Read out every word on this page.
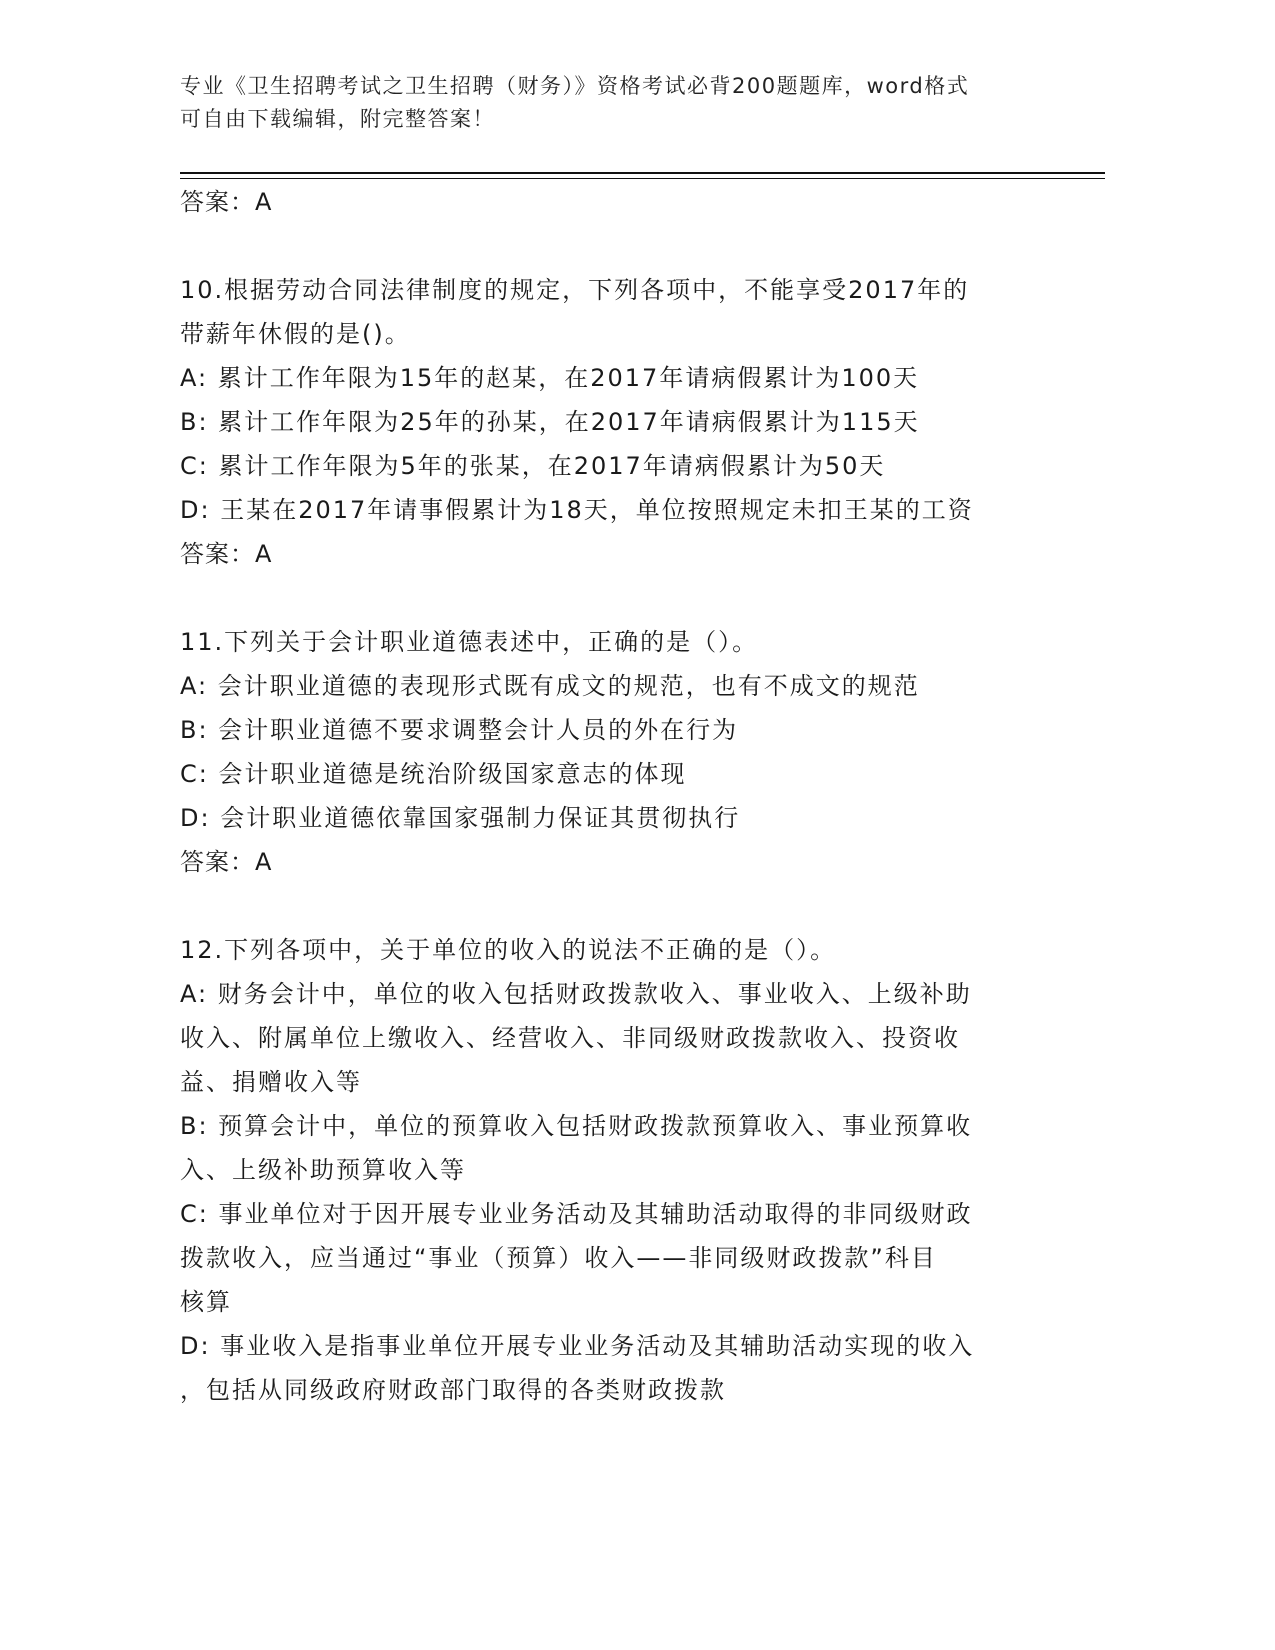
专业《卫生招聘考试之卫生招聘（财务）》资格考试必背200题题库，word格式
可自由下载编辑，附完整答案！
答案：A
10.根据劳动合同法律制度的规定，下列各项中，不能享受2017年的
带薪年休假的是()。
A: 累计工作年限为15年的赵某，在2017年请病假累计为100天
B: 累计工作年限为25年的孙某，在2017年请病假累计为115天
C: 累计工作年限为5年的张某，在2017年请病假累计为50天
D: 王某在2017年请事假累计为18天，单位按照规定未扣王某的工资
答案：A
11.下列关于会计职业道德表述中，正确的是（）。
A: 会计职业道德的表现形式既有成文的规范，也有不成文的规范
B: 会计职业道德不要求调整会计人员的外在行为
C: 会计职业道德是统治阶级国家意志的体现
D: 会计职业道德依靠国家强制力保证其贯彻执行
答案：A
12.下列各项中，关于单位的收入的说法不正确的是（）。
A: 财务会计中，单位的收入包括财政拨款收入、事业收入、上级补助
收入、附属单位上缴收入、经营收入、非同级财政拨款收入、投资收
益、捐赠收入等
B: 预算会计中，单位的预算收入包括财政拨款预算收入、事业预算收
入、上级补助预算收入等
C: 事业单位对于因开展专业业务活动及其辅助活动取得的非同级财政
拨款收入，应当通过“事业（预算）收入——非同级财政拨款”科目
核算
D: 事业收入是指事业单位开展专业业务活动及其辅助活动实现的收入
，包括从同级政府财政部门取得的各类财政拨款
